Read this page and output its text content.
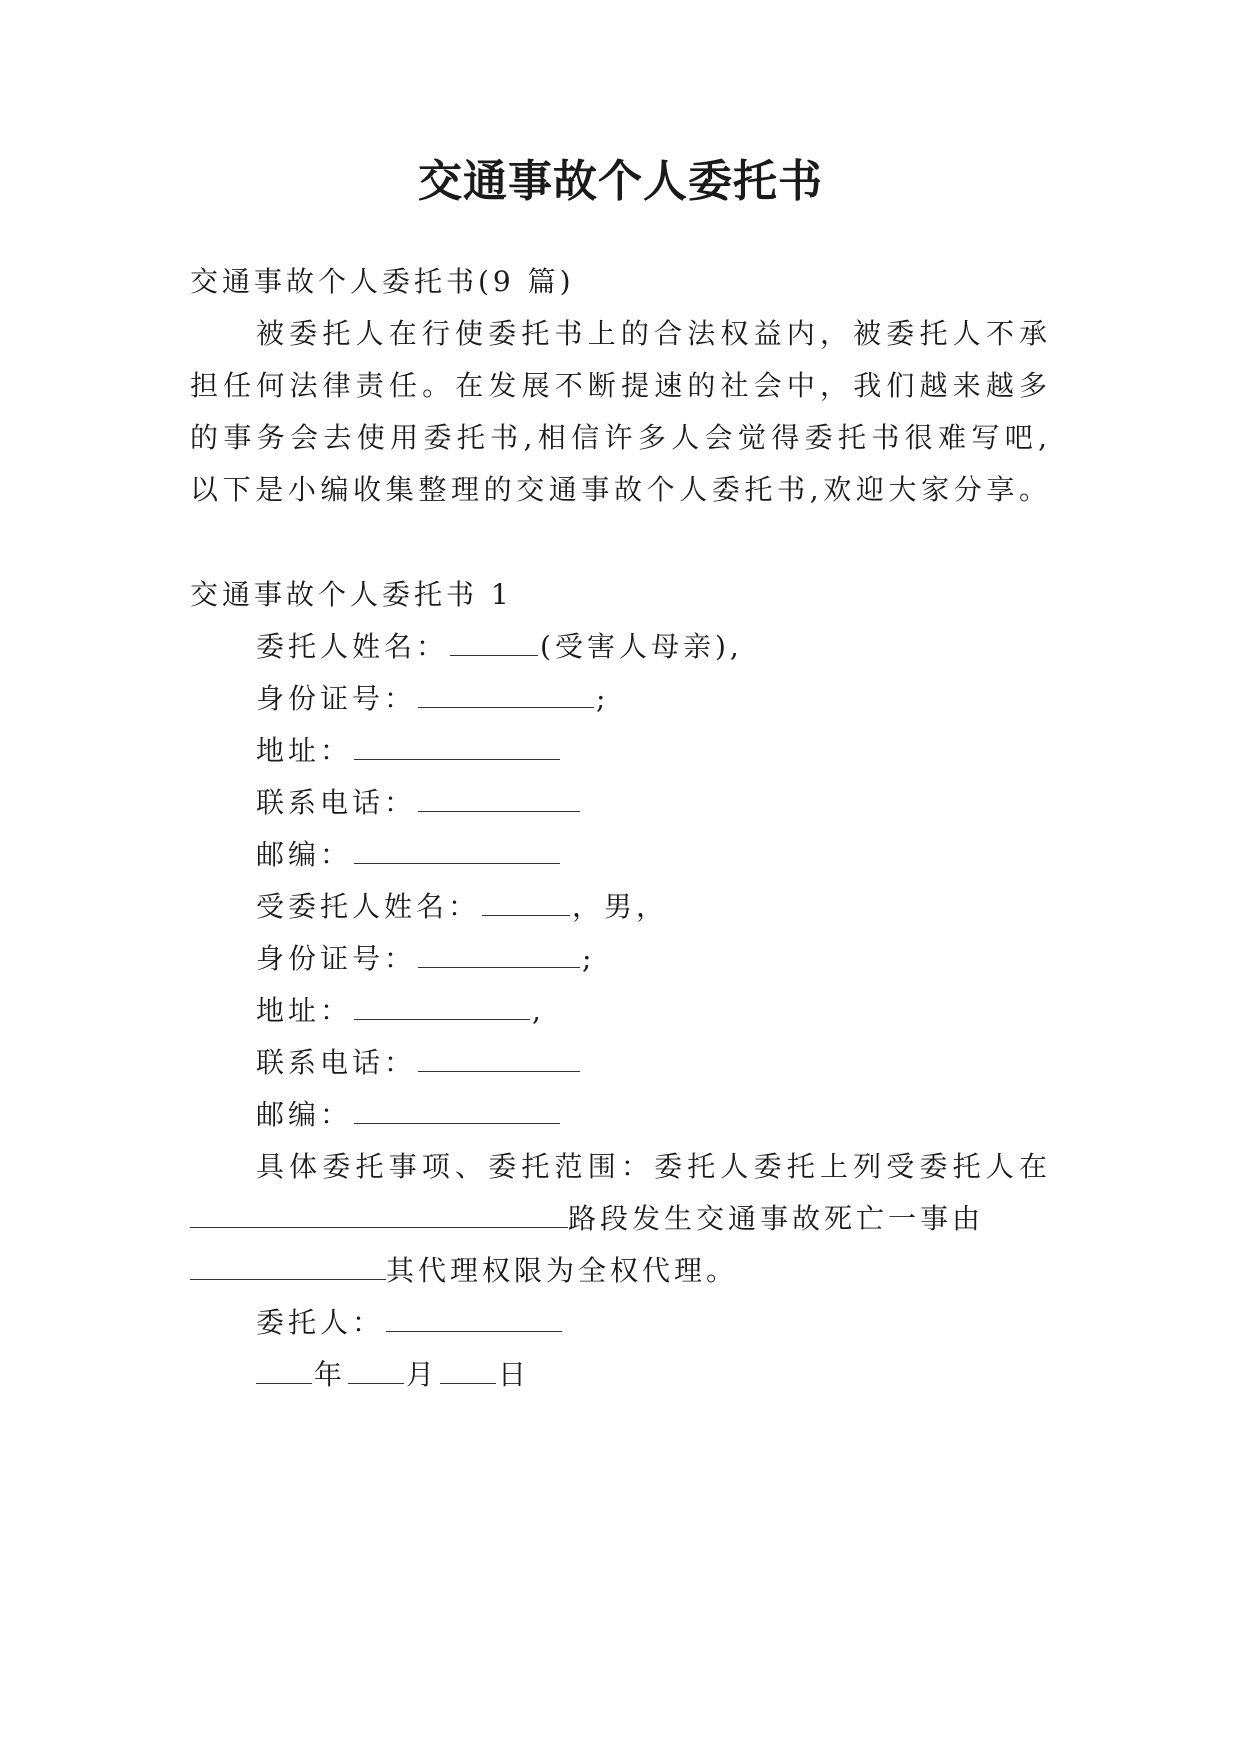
交通事故个人委托书
交通事故个人委托书(9 篇)
被委托人在行使委托书上的合法权益内，被委托人不承
担任何法律责任。在发展不断提速的社会中，我们越来越多
的事务会去使用委托书,相信许多人会觉得委托书很难写吧,
以下是小编收集整理的交通事故个人委托书,欢迎大家分享。
交通事故个人委托书 1
委托人姓名：	(受害人母亲),
身份证号：	;
地址：
联系电话：
邮编：
受委托人姓名：	，男，
身份证号：	;
地址：	,
联系电话：
邮编：
具体委托事项、委托范围：委托人委托上列受委托人在
路段发生交通事故死亡一事由
其代理权限为全权代理。
委托人：
年 月 日
